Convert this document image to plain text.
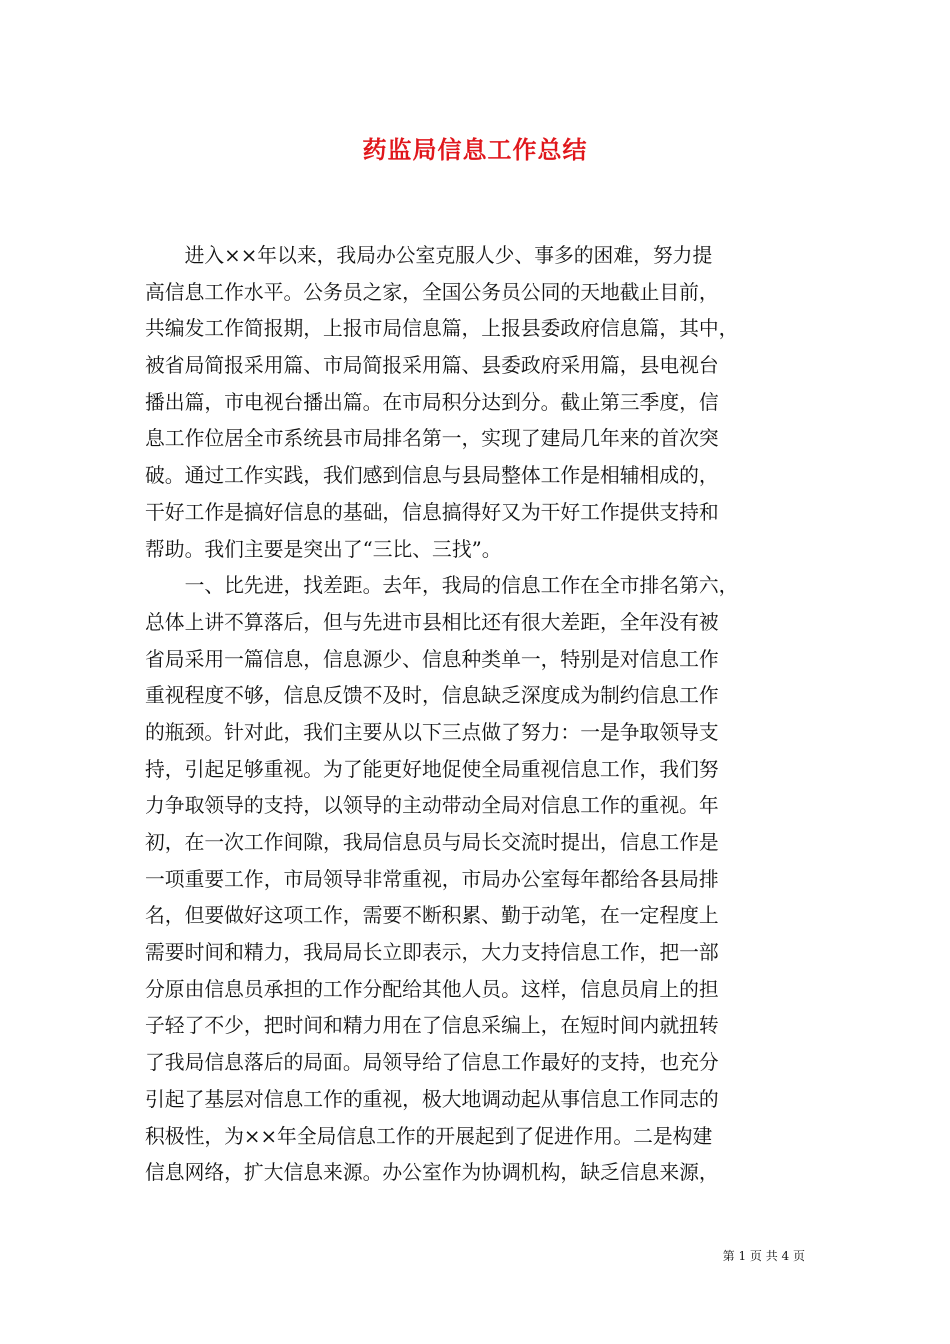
药监局信息工作总结
　　进入××年以来，我局办公室克服人少、事多的困难，努力提
高信息工作水平。公务员之家，全国公务员公同的天地截止目前，
共编发工作简报期，上报市局信息篇，上报县委政府信息篇，其中，
被省局简报采用篇、市局简报采用篇、县委政府采用篇，县电视台
播出篇，市电视台播出篇。在市局积分达到分。截止第三季度，信
息工作位居全市系统县市局排名第一，实现了建局几年来的首次突
破。通过工作实践，我们感到信息与县局整体工作是相辅相成的，
干好工作是搞好信息的基础，信息搞得好又为干好工作提供支持和
帮助。我们主要是突出了“三比、三找”。
　　一、比先进，找差距。去年，我局的信息工作在全市排名第六，
总体上讲不算落后，但与先进市县相比还有很大差距，全年没有被
省局采用一篇信息，信息源少、信息种类单一，特别是对信息工作
重视程度不够，信息反馈不及时，信息缺乏深度成为制约信息工作
的瓶颈。针对此，我们主要从以下三点做了努力：一是争取领导支
持，引起足够重视。为了能更好地促使全局重视信息工作，我们努
力争取领导的支持，以领导的主动带动全局对信息工作的重视。年
初，在一次工作间隙，我局信息员与局长交流时提出，信息工作是
一项重要工作，市局领导非常重视，市局办公室每年都给各县局排
名，但要做好这项工作，需要不断积累、勤于动笔，在一定程度上
需要时间和精力，我局局长立即表示，大力支持信息工作，把一部
分原由信息员承担的工作分配给其他人员。这样，信息员肩上的担
子轻了不少，把时间和精力用在了信息采编上，在短时间内就扭转
了我局信息落后的局面。局领导给了信息工作最好的支持，也充分
引起了基层对信息工作的重视，极大地调动起从事信息工作同志的
积极性，为××年全局信息工作的开展起到了促进作用。二是构建
信息网络，扩大信息来源。办公室作为协调机构，缺乏信息来源，
第 1 页 共 4 页
